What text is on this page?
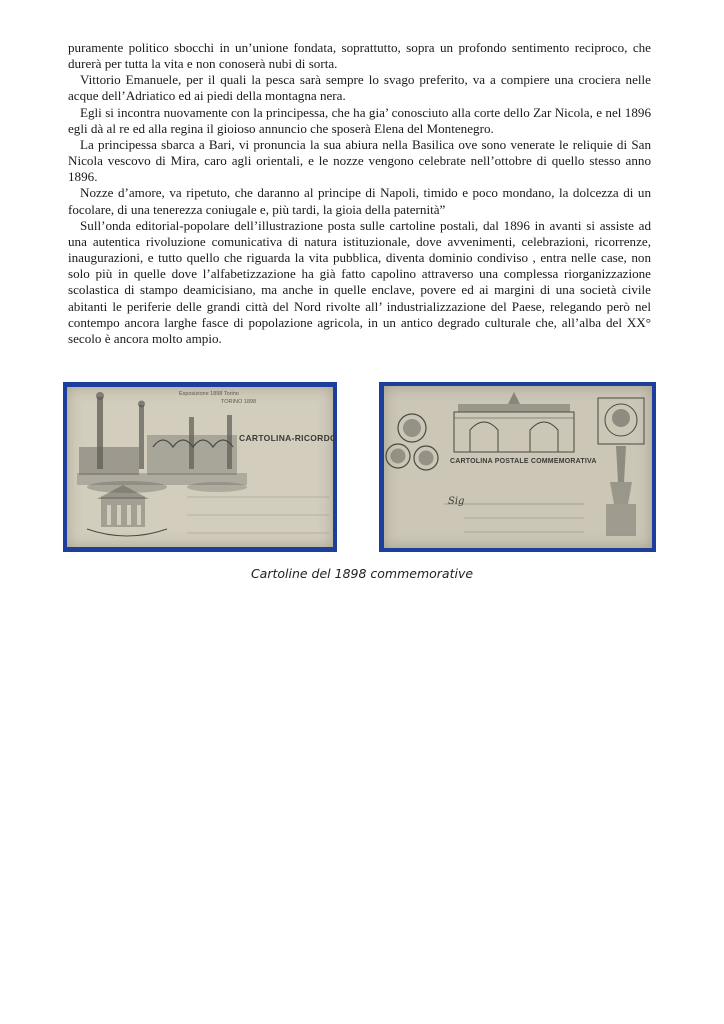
puramente politico sbocchi in un’unione fondata, soprattutto, sopra un profondo sentimento reciproco, che durerà per tutta la vita e non conoserà nubi di sorta.

Vittorio Emanuele, per il quali la pesca sarà sempre lo svago preferito, va a compiere una crociera nelle acque dell’Adriatico ed ai piedi della montagna nera.

Egli si incontra nuovamente con la principessa, che ha gia’ conosciuto alla corte dello Zar Nicola, e nel 1896 egli dà al re ed alla regina il gioioso annuncio che sposerà Elena del Montenegro.

La principessa sbarca a Bari, vi pronuncia la sua abiura nella Basilica ove sono venerate le reliquie di San Nicola vescovo di Mira, caro agli orientali, e le nozze vengono celebrate nell’ottobre di quello stesso anno 1896.

Nozze d’amore, va ripetuto, che daranno al principe di Napoli, timido e poco mondano, la dolcezza di un focolare, di una tenerezza coniugale e, più tardi, la gioia della paternità”

Sull’onda editorial-popolare dell’illustrazione posta sulle cartoline postali, dal 1896 in avanti si assiste ad una autentica rivoluzione comunicativa di natura istituzionale, dove avvenimenti, celebrazioni, ricorrenze, inaugurazioni, e tutto quello che riguarda la vita pubblica, diventa dominio condiviso , entra nelle case, non solo più in quelle dove l’alfabetizzazione ha già fatto capolino attraverso una complessa riorganizzazione scolastica di stampo deamicisiano, ma anche in quelle enclave, povere ed ai margini di una società civile abitanti le periferie delle grandi città del Nord rivolte all’ industrializzazione del Paese, relegando però nel contempo ancora larghe fasce di popolazione agricola, in un antico degrado culturale che, all’alba del XX° secolo è ancora molto ampio.

Esposizione 1898 Torino
TORINO 1898
CARTOLINA-RICORDO
CARTOLINA POSTALE COMMEMORATIVA
Sig
Cartoline del 1898 commemorative
